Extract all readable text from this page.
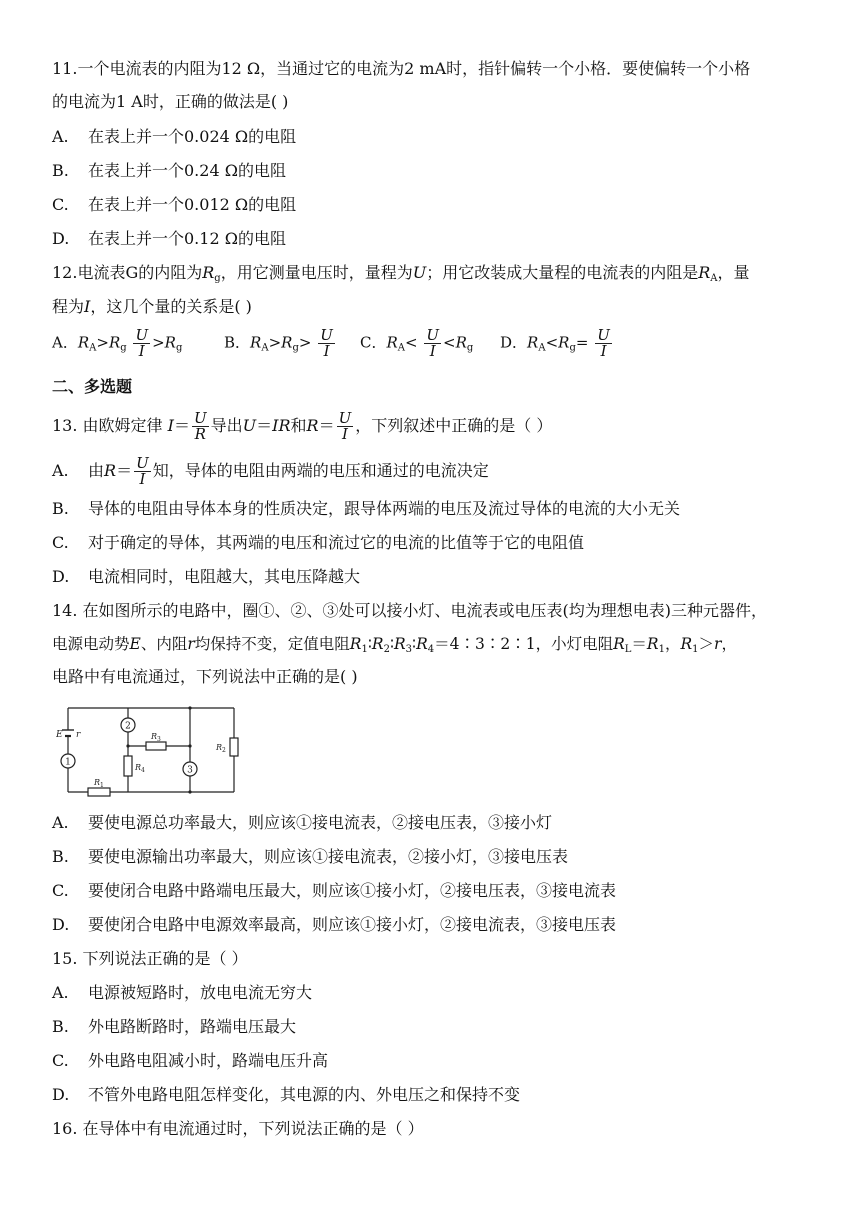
11.一个电流表的内阻为12 Ω，当通过它的电流为2 mA时，指针偏转一个小格．要使偏转一个小格
的电流为1 A时，正确的做法是( )
A. 在表上并一个0.024 Ω的电阻
B. 在表上并一个0.24 Ω的电阻
C. 在表上并一个0.012 Ω的电阻
D. 在表上并一个0.12 Ω的电阻
12.电流表G的内阻为$R_g$，用它测量电压时，量程为U；用它改装成大量程的电流表的内阻是$R_A$，量
程为I，这几个量的关系是( )
A．$R_A>R_g \frac{U}{I} >R_g$	B．$R_A>R_g> \frac{U}{I}$ C．$R_A< \frac{U}{I} <R_g$ D．$R_A<R_g= \frac{U}{I}$
二、多选题
13. 由欧姆定律 $I= \frac{U}{R}$ 导出U＝IR和$R= \frac{U}{I}$ ，下列叙述中正确的是（ ）
A. 由$R= \frac{U}{I}$ 知，导体的电阻由两端的电压和通过的电流决定
B. 导体的电阻由导体本身的性质决定，跟导体两端的电压及流过导体的电流的大小无关
C. 对于确定的导体，其两端的电压和流过它的电流的比值等于它的电阻值
D. 电流相同时，电阻越大，其电压降越大
14. 在如图所示的电路中，圈①、②、③处可以接小灯、电流表或电压表(均为理想电表)三种元器件，
电源电动势E、内阻r均保持不变，定值电阻$R_1∶R_2∶R_3∶R_4=4∶3∶2∶1$，小灯电阻$R_L=R_1$，$R_1>r$，
电路中有电流通过，下列说法中正确的是( )
E r
1
2
3
$R_1$
$R_2$
$R_3$
$R_4$
A. 要使电源总功率最大，则应该①接电流表，②接电压表，③接小灯
B. 要使电源输出功率最大，则应该①接电流表，②接小灯，③接电压表
C. 要使闭合电路中路端电压最大，则应该①接小灯，②接电压表，③接电流表
D. 要使闭合电路中电源效率最高，则应该①接小灯，②接电流表，③接电压表
15. 下列说法正确的是（ ）
A. 电源被短路时，放电电流无穷大
B. 外电路断路时，路端电压最大
C. 外电路电阻减小时，路端电压升高
D. 不管外电路电阻怎样变化，其电源的内、外电压之和保持不变
16. 在导体中有电流通过时，下列说法正确的是（ ）
